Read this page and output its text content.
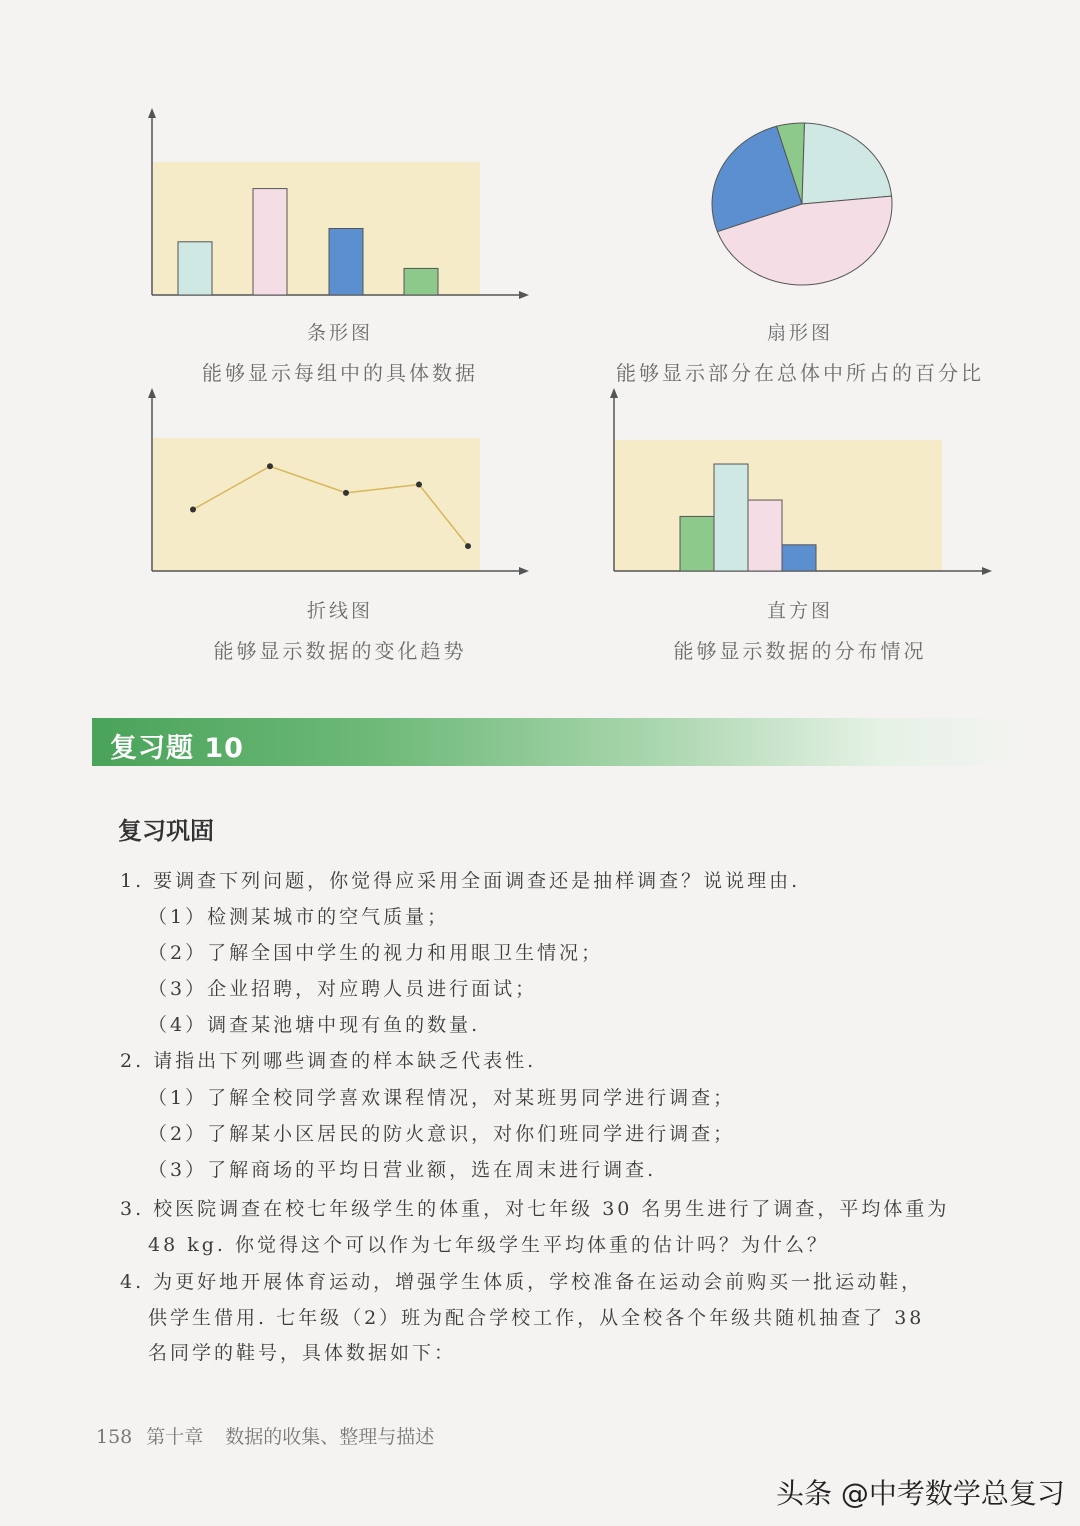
条形图
能够显示每组中的具体数据
扇形图
能够显示部分在总体中所占的百分比
折线图
能够显示数据的变化趋势
直方图
能够显示数据的分布情况
复习题 10
复习巩固
1. 要调查下列问题，你觉得应采用全面调查还是抽样调查？说说理由.
（1）检测某城市的空气质量；
（2）了解全国中学生的视力和用眼卫生情况；
（3）企业招聘，对应聘人员进行面试；
（4）调查某池塘中现有鱼的数量.
2. 请指出下列哪些调查的样本缺乏代表性.
（1）了解全校同学喜欢课程情况，对某班男同学进行调查；
（2）了解某小区居民的防火意识，对你们班同学进行调查；
（3）了解商场的平均日营业额，选在周末进行调查.
3. 校医院调查在校七年级学生的体重，对七年级 30 名男生进行了调查，平均体重为
48 kg. 你觉得这个可以作为七年级学生平均体重的估计吗？为什么？
4. 为更好地开展体育运动，增强学生体质，学校准备在运动会前购买一批运动鞋，
供学生借用. 七年级（2）班为配合学校工作，从全校各个年级共随机抽查了 38
名同学的鞋号，具体数据如下：
158 第十章 数据的收集、整理与描述
头条 @中考数学总复习
